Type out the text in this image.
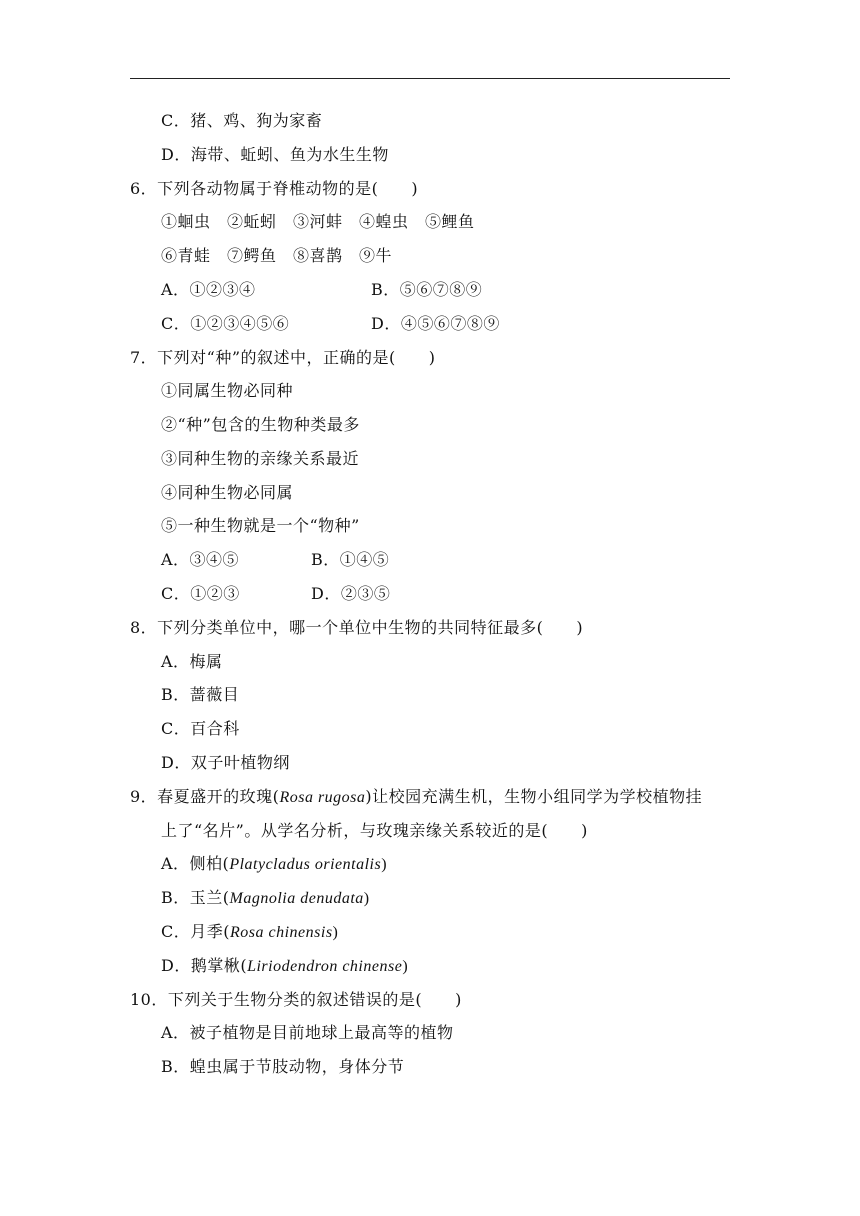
C．猪、鸡、狗为家畜
D．海带、蚯蚓、鱼为水生生物
6．下列各动物属于脊椎动物的是(　　)
①蛔虫　②蚯蚓　③河蚌　④蝗虫　⑤鲤鱼
⑥青蛙　⑦鳄鱼　⑧喜鹊　⑨牛
A．①②③④	B．⑤⑥⑦⑧⑨
C．①②③④⑤⑥	D．④⑤⑥⑦⑧⑨
7．下列对“种”的叙述中，正确的是(　　)
①同属生物必同种
②“种”包含的生物种类最多
③同种生物的亲缘关系最近
④同种生物必同属
⑤一种生物就是一个“物种”
A．③④⑤	B．①④⑤
C．①②③	D．②③⑤
8．下列分类单位中，哪一个单位中生物的共同特征最多(　　)
A．梅属
B．蔷薇目
C．百合科
D．双子叶植物纲
9．春夏盛开的玫瑰(Rosa rugosa)让校园充满生机，生物小组同学为学校植物挂
上了“名片”。从学名分析，与玫瑰亲缘关系较近的是(　　)
A．侧柏(Platycladus orientalis)
B．玉兰(Magnolia denudata)
C．月季(Rosa chinensis)
D．鹅掌楸(Liriodendron chinense)
10．下列关于生物分类的叙述错误的是(　　)
A．被子植物是目前地球上最高等的植物
B．蝗虫属于节肢动物，身体分节
